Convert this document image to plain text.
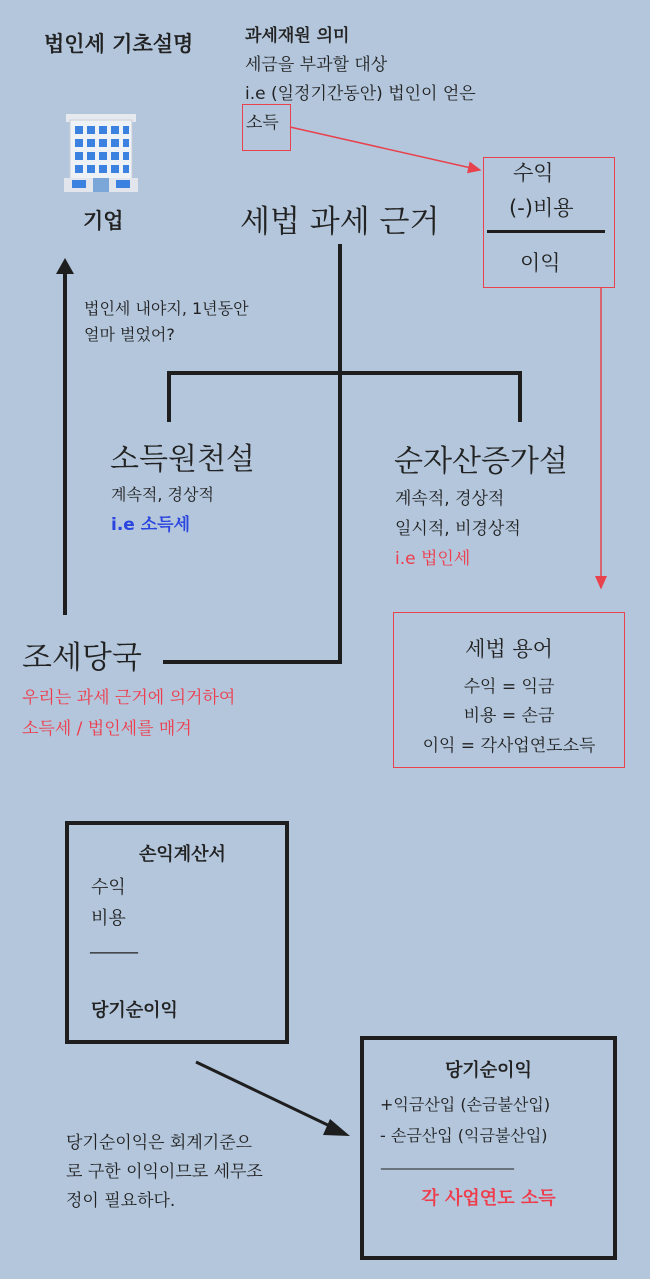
법인세 기초설명	과세재원 의미
세금을 부과할 대상
i.e (일정기간동안) 법인이 얻은
소득
기업
수익
(-)비용
이익
세법 과세 근거
법인세 내야지, 1년동안
얼마 벌었어?
소득원천설
계속적, 경상적
i.e 소득세
순자산증가설
계속적, 경상적
일시적, 비경상적
i.e 법인세
조세당국
우리는 과세 근거에 의거하여
소득세 / 법인세를 매겨
세법 용어
수익 = 익금
비용 = 손금
이익 = 각사업연도소득
손익계산서
수익
비용
———
당기순이익
당기순이익은 회계기준으
로 구한 이익이므로 세무조
정이 필요하다.
당기순이익
+익금산입 (손금불산입)
- 손금산입 (익금불산입)
______________________
각 사업연도 소득
